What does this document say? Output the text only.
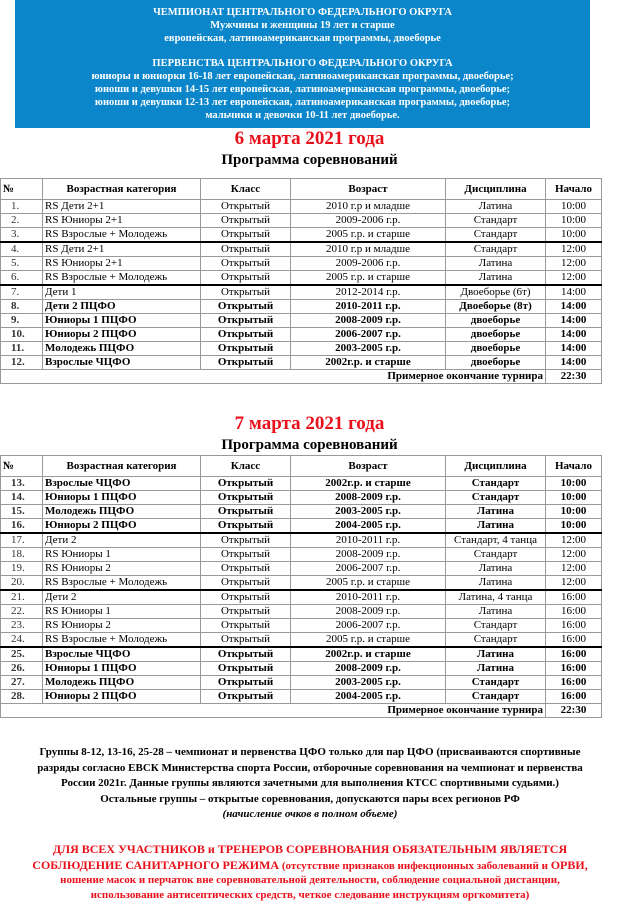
ЧЕМПИОНАТ ЦЕНТРАЛЬНОГО ФЕДЕРАЛЬНОГО ОКРУГА
Мужчины и женщины 19 лет и старше
европейская, латиноамериканская программы, двоеборье
ПЕРВЕНСТВА ЦЕНТРАЛЬНОГО ФЕДЕРАЛЬНОГО ОКРУГА
юниоры и юниорки 16-18 лет европейская, латиноамериканская программы, двоеборье;
юноши и девушки 14-15 лет европейская, латиноамериканская программы, двоеборье;
юноши и девушки 12-13 лет европейская, латиноамериканская программы, двоеборье;
мальчики и девочки 10-11 лет двоеборье.
6 марта 2021 года
Программа соревнований
№	Возрастная категория	Класс	Возраст	Дисциплина	Начало
1.	RS Дети 2+1	Открытый	2010 г.р и младше	Латина	10:00
2.	RS Юниоры 2+1	Открытый	2009-2006 г.р.	Стандарт	10:00
3.	RS Взрослые + Молодежь	Открытый	2005 г.р. и старше	Стандарт	10:00
4.	RS Дети 2+1	Открытый	2010 г.р и младше	Стандарт	12:00
5.	RS Юниоры 2+1	Открытый	2009-2006 г.р.	Латина	12:00
6.	RS Взрослые + Молодежь	Открытый	2005 г.р. и старше	Латина	12:00
7.	Дети 1	Открытый	2012-2014 г.р.	Двоеборье (6т)	14:00
8.	Дети 2 ПЦФО	Открытый	2010-2011 г.р.	Двоеборье (8т)	14:00
9.	Юниоры 1 ПЦФО	Открытый	2008-2009 г.р.	двоеборье	14:00
10.	Юниоры 2 ПЦФО	Открытый	2006-2007 г.р.	двоеборье	14:00
11.	Молодежь ПЦФО	Открытый	2003-2005 г.р.	двоеборье	14:00
12.	Взрослые ЧЦФО	Открытый	2002г.р. и старше	двоеборье	14:00
Примерное окончание турнира					22:30
7 марта 2021 года
Программа соревнований
№	Возрастная категория	Класс	Возраст	Дисциплина	Начало
13.	Взрослые ЧЦФО	Открытый	2002г.р. и старше	Стандарт	10:00
14.	Юниоры 1 ПЦФО	Открытый	2008-2009 г.р.	Стандарт	10:00
15.	Молодежь ПЦФО	Открытый	2003-2005 г.р.	Латина	10:00
16.	Юниоры 2 ПЦФО	Открытый	2004-2005 г.р.	Латина	10:00
17.	Дети 2	Открытый	2010-2011 г.р.	Стандарт, 4 танца	12:00
18.	RS Юниоры 1	Открытый	2008-2009 г.р.	Стандарт	12:00
19.	RS Юниоры 2	Открытый	2006-2007 г.р.	Латина	12:00
20.	RS Взрослые + Молодежь	Открытый	2005 г.р. и старше	Латина	12:00
21.	Дети 2	Открытый	2010-2011 г.р.	Латина, 4 танца	16:00
22.	RS Юниоры 1	Открытый	2008-2009 г.р.	Латина	16:00
23.	RS Юниоры 2	Открытый	2006-2007 г.р.	Стандарт	16:00
24.	RS Взрослые + Молодежь	Открытый	2005 г.р. и старше	Стандарт	16:00
25.	Взрослые ЧЦФО	Открытый	2002г.р. и старше	Латина	16:00
26.	Юниоры 1 ПЦФО	Открытый	2008-2009 г.р.	Латина	16:00
27.	Молодежь ПЦФО	Открытый	2003-2005 г.р.	Стандарт	16:00
28.	Юниоры 2 ПЦФО	Открытый	2004-2005 г.р.	Стандарт	16:00
Примерное окончание турнира					22:30
Группы 8-12, 13-16, 25-28 – чемпионат и первенства ЦФО только для пар ЦФО (присваиваются спортивные разряды согласно ЕВСК Министерства спорта России, отборочные соревнования на чемпионат и первенства России 2021г. Данные группы являются зачетными для выполнения КТСС спортивными судьями.)
Остальные группы – открытые соревнования, допускаются пары всех регионов РФ
(начисление очков в полном объеме)
ДЛЯ ВСЕХ УЧАСТНИКОВ и ТРЕНЕРОВ СОРЕВНОВАНИЯ ОБЯЗАТЕЛЬНЫМ ЯВЛЯЕТСЯ СОБЛЮДЕНИЕ САНИТАРНОГО РЕЖИМА (отсутствие признаков инфекционных заболеваний и ОРВИ, ношение масок и перчаток вне соревновательной деятельности, соблюдение социальной дистанции, использование антисептических средств, четкое следование инструкциям оргкомитета)
